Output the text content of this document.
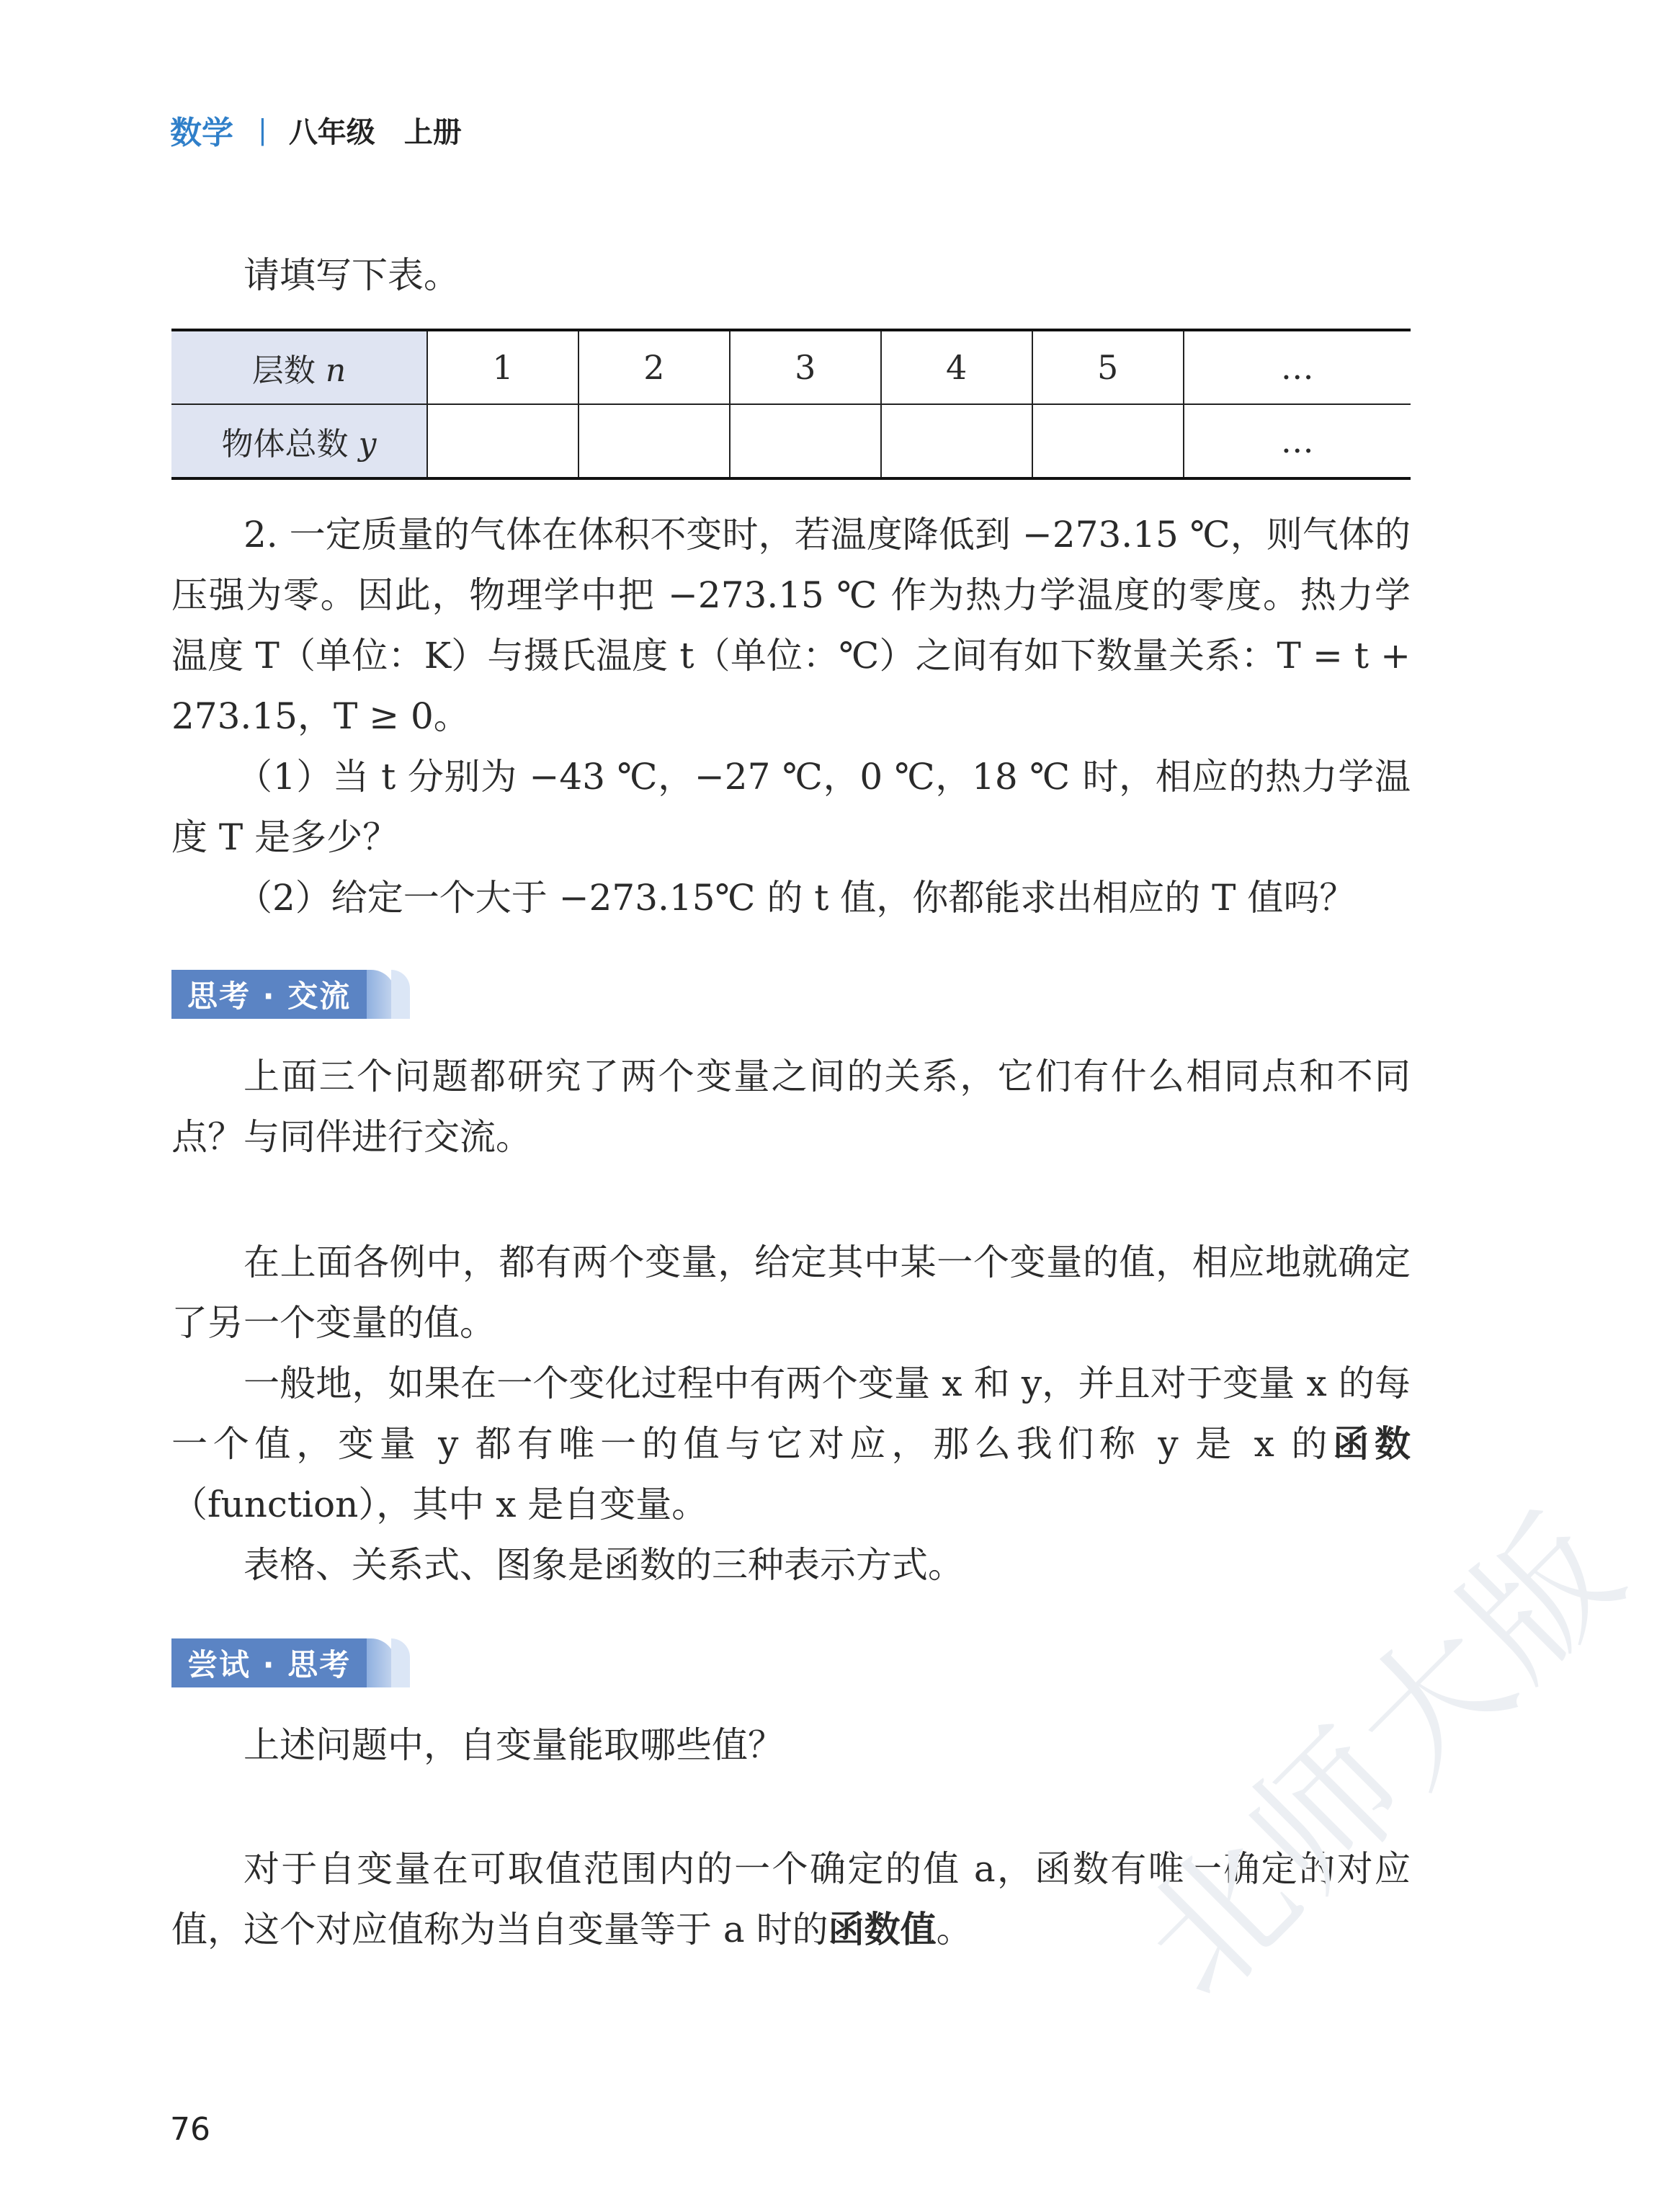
数学 | 八年级 上册

请填写下表。

层数 n	1	2	3	4	5	…
物体总数 y						…

2. 一定质量的气体在体积不变时，若温度降低到 −273.15 ℃，则气体的压强为零。因此，物理学中把 −273.15 ℃ 作为热力学温度的零度。热力学温度 T（单位：K）与摄氏温度 t（单位：℃）之间有如下数量关系：T = t + 273.15，T ≥ 0。

（1）当 t 分别为 −43 ℃，−27 ℃，0 ℃，18 ℃ 时，相应的热力学温度 T 是多少？

（2）给定一个大于 −273.15℃ 的 t 值，你都能求出相应的 T 值吗？

思考 · 交流

上面三个问题都研究了两个变量之间的关系，它们有什么相同点和不同点？与同伴进行交流。

在上面各例中，都有两个变量，给定其中某一个变量的值，相应地就确定了另一个变量的值。

一般地，如果在一个变化过程中有两个变量 x 和 y，并且对于变量 x 的每一个值，变量 y 都有唯一的值与它对应，那么我们称 y 是 x 的函数（function），其中 x 是自变量。

表格、关系式、图象是函数的三种表示方式。

尝试 · 思考

上述问题中，自变量能取哪些值？

对于自变量在可取值范围内的一个确定的值 a，函数有唯一确定的对应值，这个对应值称为当自变量等于 a 时的函数值。

76
北师大版
